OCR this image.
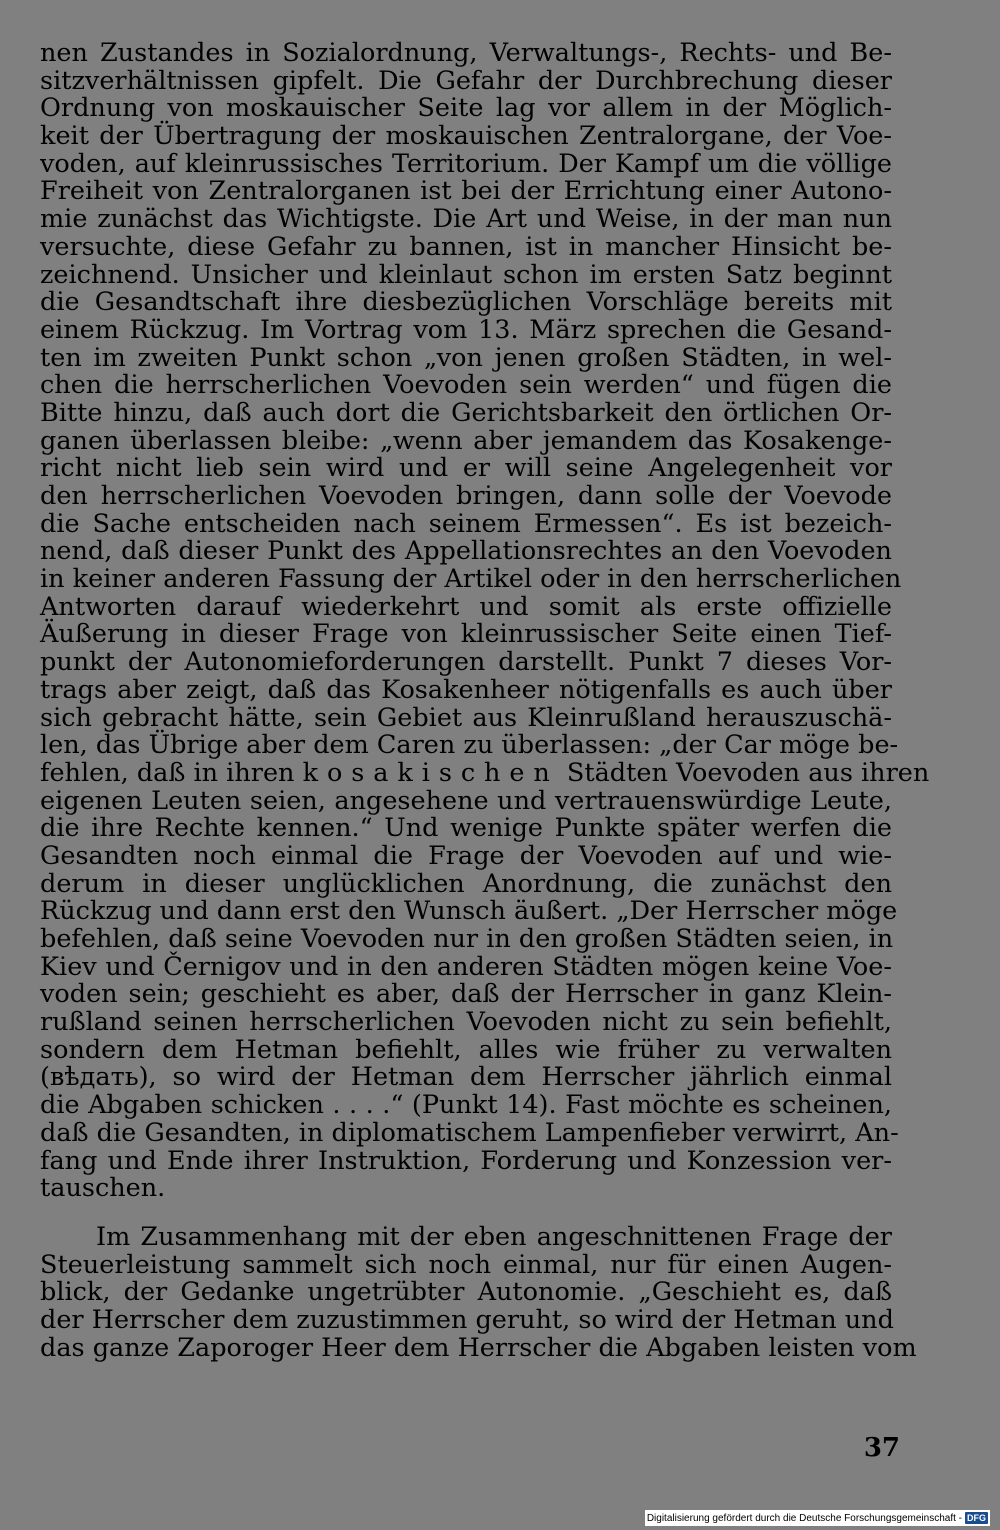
nen Zustandes in Sozialordnung, Verwaltungs-, Rechts- und Be-
sitzverhältnissen gipfelt. Die Gefahr der Durchbrechung dieser
Ordnung von moskauischer Seite lag vor allem in der Möglich-
keit der Übertragung der moskauischen Zentralorgane, der Voe-
voden, auf kleinrussisches Territorium. Der Kampf um die völlige
Freiheit von Zentralorganen ist bei der Errichtung einer Autono-
mie zunächst das Wichtigste. Die Art und Weise, in der man nun
versuchte, diese Gefahr zu bannen, ist in mancher Hinsicht be-
zeichnend. Unsicher und kleinlaut schon im ersten Satz beginnt
die Gesandtschaft ihre diesbezüglichen Vorschläge bereits mit
einem Rückzug. Im Vortrag vom 13. März sprechen die Gesand-
ten im zweiten Punkt schon „von jenen großen Städten, in wel-
chen die herrscherlichen Voevoden sein werden“ und fügen die
Bitte hinzu, daß auch dort die Gerichtsbarkeit den örtlichen Or-
ganen überlassen bleibe: „wenn aber jemandem das Kosakenge-
richt nicht lieb sein wird und er will seine Angelegenheit vor
den herrscherlichen Voevoden bringen, dann solle der Voevode
die Sache entscheiden nach seinem Ermessen“. Es ist bezeich-
nend, daß dieser Punkt des Appellationsrechtes an den Voevoden
in keiner anderen Fassung der Artikel oder in den herrscherlichen
Antworten darauf wiederkehrt und somit als erste offizielle
Äußerung in dieser Frage von kleinrussischer Seite einen Tief-
punkt der Autonomieforderungen darstellt. Punkt 7 dieses Vor-
trags aber zeigt, daß das Kosakenheer nötigenfalls es auch über
sich gebracht hätte, sein Gebiet aus Kleinrußland herauszuschä-
len, das Übrige aber dem Caren zu überlassen: „der Car möge be-
fehlen, daß in ihren kosakischen Städten Voevoden aus ihren
eigenen Leuten seien, angesehene und vertrauenswürdige Leute,
die ihre Rechte kennen.“ Und wenige Punkte später werfen die
Gesandten noch einmal die Frage der Voevoden auf und wie-
derum in dieser unglücklichen Anordnung, die zunächst den
Rückzug und dann erst den Wunsch äußert. „Der Herrscher möge
befehlen, daß seine Voevoden nur in den großen Städten seien, in
Kiev und Černigov und in den anderen Städten mögen keine Voe-
voden sein; geschieht es aber, daß der Herrscher in ganz Klein-
rußland seinen herrscherlichen Voevoden nicht zu sein befiehlt,
sondern dem Hetman befiehlt, alles wie früher zu verwalten
(вѣдать), so wird der Hetman dem Herrscher jährlich einmal
die Abgaben schicken . . . .“ (Punkt 14). Fast möchte es scheinen,
daß die Gesandten, in diplomatischem Lampenfieber verwirrt, An-
fang und Ende ihrer Instruktion, Forderung und Konzession ver-
tauschen.
Im Zusammenhang mit der eben angeschnittenen Frage der
Steuerleistung sammelt sich noch einmal, nur für einen Augen-
blick, der Gedanke ungetrübter Autonomie. „Geschieht es, daß
der Herrscher dem zuzustimmen geruht, so wird der Hetman und
das ganze Zaporoger Heer dem Herrscher die Abgaben leisten vom
37
Digitalisierung gefördert durch die Deutsche Forschungsgemeinschaft - DFG
